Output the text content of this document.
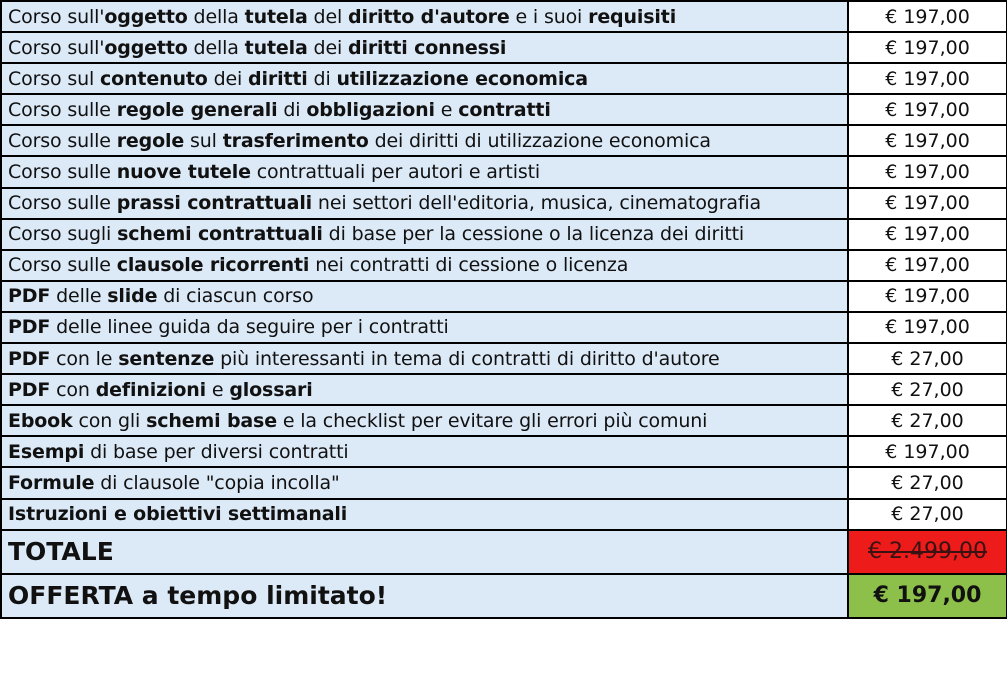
Corso sull'oggetto della tutela del diritto d'autore e i suoi requisiti	€ 197,00
Corso sull'oggetto della tutela dei diritti connessi	€ 197,00
Corso sul contenuto dei diritti di utilizzazione economica	€ 197,00
Corso sulle regole generali di obbligazioni e contratti	€ 197,00
Corso sulle regole sul trasferimento dei diritti di utilizzazione economica	€ 197,00
Corso sulle nuove tutele contrattuali per autori e artisti	€ 197,00
Corso sulle prassi contrattuali nei settori dell'editoria, musica, cinematografia	€ 197,00
Corso sugli schemi contrattuali di base per la cessione o la licenza dei diritti	€ 197,00
Corso sulle clausole ricorrenti nei contratti di cessione o licenza	€ 197,00
PDF delle slide di ciascun corso	€ 197,00
PDF delle linee guida da seguire per i contratti	€ 197,00
PDF con le sentenze più interessanti in tema di contratti di diritto d'autore	€ 27,00
PDF con definizioni e glossari	€ 27,00
Ebook con gli schemi base e la checklist per evitare gli errori più comuni	€ 27,00
Esempi di base per diversi contratti	€ 197,00
Formule di clausole "copia incolla"	€ 27,00
Istruzioni e obiettivi settimanali	€ 27,00
TOTALE	€ 2.499,00
OFFERTA a tempo limitato!	€ 197,00
